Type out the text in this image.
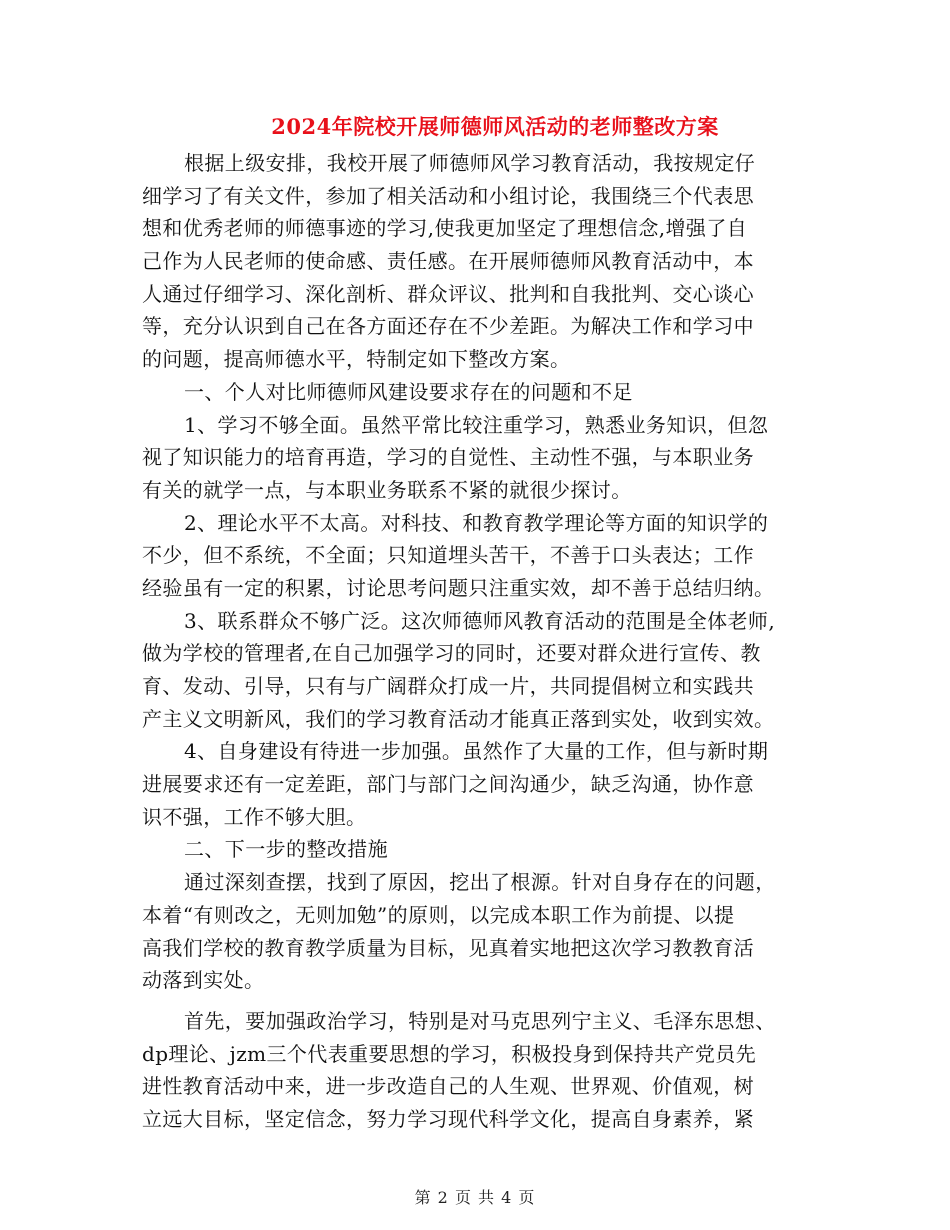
2024年院校开展师德师风活动的老师整改方案
根据上级安排，我校开展了师德师风学习教育活动，我按规定仔
细学习了有关文件，参加了相关活动和小组讨论，我围绕三个代表思
想和优秀老师的师德事迹的学习,使我更加坚定了理想信念,增强了自
己作为人民老师的使命感、责任感。在开展师德师风教育活动中，本
人通过仔细学习、深化剖析、群众评议、批判和自我批判、交心谈心
等，充分认识到自己在各方面还存在不少差距。为解决工作和学习中
的问题，提高师德水平，特制定如下整改方案。
一、个人对比师德师风建设要求存在的问题和不足
1、学习不够全面。虽然平常比较注重学习，熟悉业务知识，但忽
视了知识能力的培育再造，学习的自觉性、主动性不强，与本职业务
有关的就学一点，与本职业务联系不紧的就很少探讨。
2、理论水平不太高。对科技、和教育教学理论等方面的知识学的
不少，但不系统，不全面；只知道埋头苦干，不善于口头表达；工作
经验虽有一定的积累，讨论思考问题只注重实效，却不善于总结归纳。
3、联系群众不够广泛。这次师德师风教育活动的范围是全体老师,
做为学校的管理者,在自己加强学习的同时，还要对群众进行宣传、教
育、发动、引导，只有与广阔群众打成一片，共同提倡树立和实践共
产主义文明新风，我们的学习教育活动才能真正落到实处，收到实效。
4、自身建设有待进一步加强。虽然作了大量的工作，但与新时期
进展要求还有一定差距，部门与部门之间沟通少，缺乏沟通，协作意
识不强，工作不够大胆。
二、下一步的整改措施
通过深刻查摆，找到了原因，挖出了根源。针对自身存在的问题，
本着“有则改之，无则加勉”的原则，以完成本职工作为前提、以提
高我们学校的教育教学质量为目标，见真着实地把这次学习教教育活
动落到实处。
首先，要加强政治学习，特别是对马克思列宁主义、毛泽东思想、
dp理论、jzm三个代表重要思想的学习，积极投身到保持共产党员先
进性教育活动中来，进一步改造自己的人生观、世界观、价值观，树
立远大目标，坚定信念，努力学习现代科学文化，提高自身素养，紧
第 2 页 共 4 页
